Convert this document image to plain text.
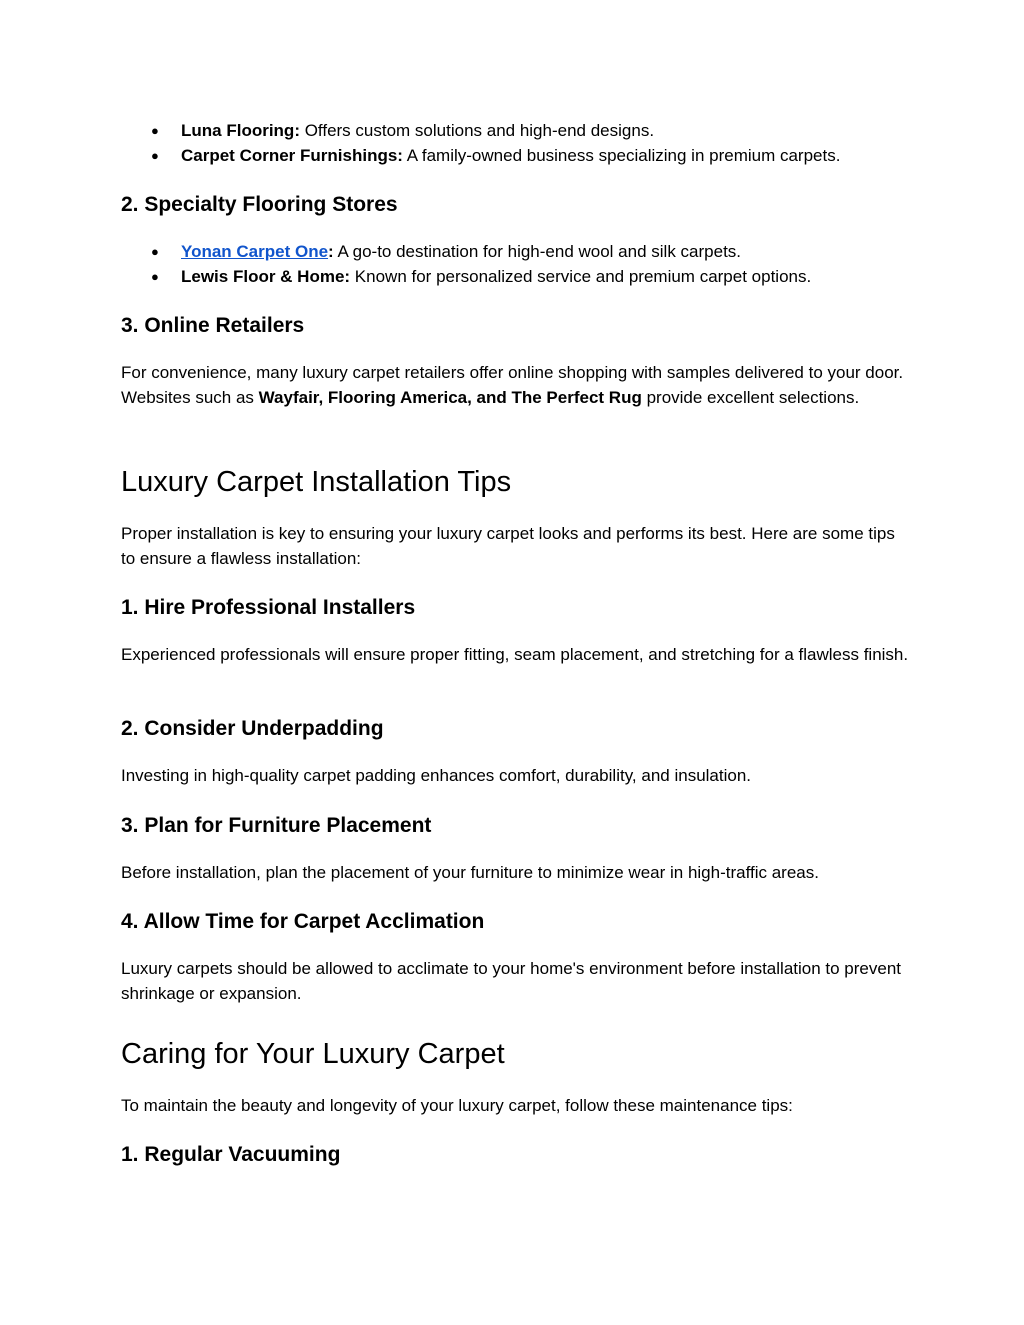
● Luna Flooring: Offers custom solutions and high-end designs.
● Carpet Corner Furnishings: A family-owned business specializing in premium carpets.
2. Specialty Flooring Stores
● Yonan Carpet One: A go-to destination for high-end wool and silk carpets.
● Lewis Floor & Home: Known for personalized service and premium carpet options.
3. Online Retailers

For convenience, many luxury carpet retailers offer online shopping with samples delivered to your door. Websites such as Wayfair, Flooring America, and The Perfect Rug provide excellent selections.

Luxury Carpet Installation Tips

Proper installation is key to ensuring your luxury carpet looks and performs its best. Here are some tips to ensure a flawless installation:

1. Hire Professional Installers

Experienced professionals will ensure proper fitting, seam placement, and stretching for a flawless finish.

2. Consider Underpadding

Investing in high-quality carpet padding enhances comfort, durability, and insulation.

3. Plan for Furniture Placement

Before installation, plan the placement of your furniture to minimize wear in high-traffic areas.

4. Allow Time for Carpet Acclimation

Luxury carpets should be allowed to acclimate to your home's environment before installation to prevent shrinkage or expansion.

Caring for Your Luxury Carpet

To maintain the beauty and longevity of your luxury carpet, follow these maintenance tips:

1. Regular Vacuuming
